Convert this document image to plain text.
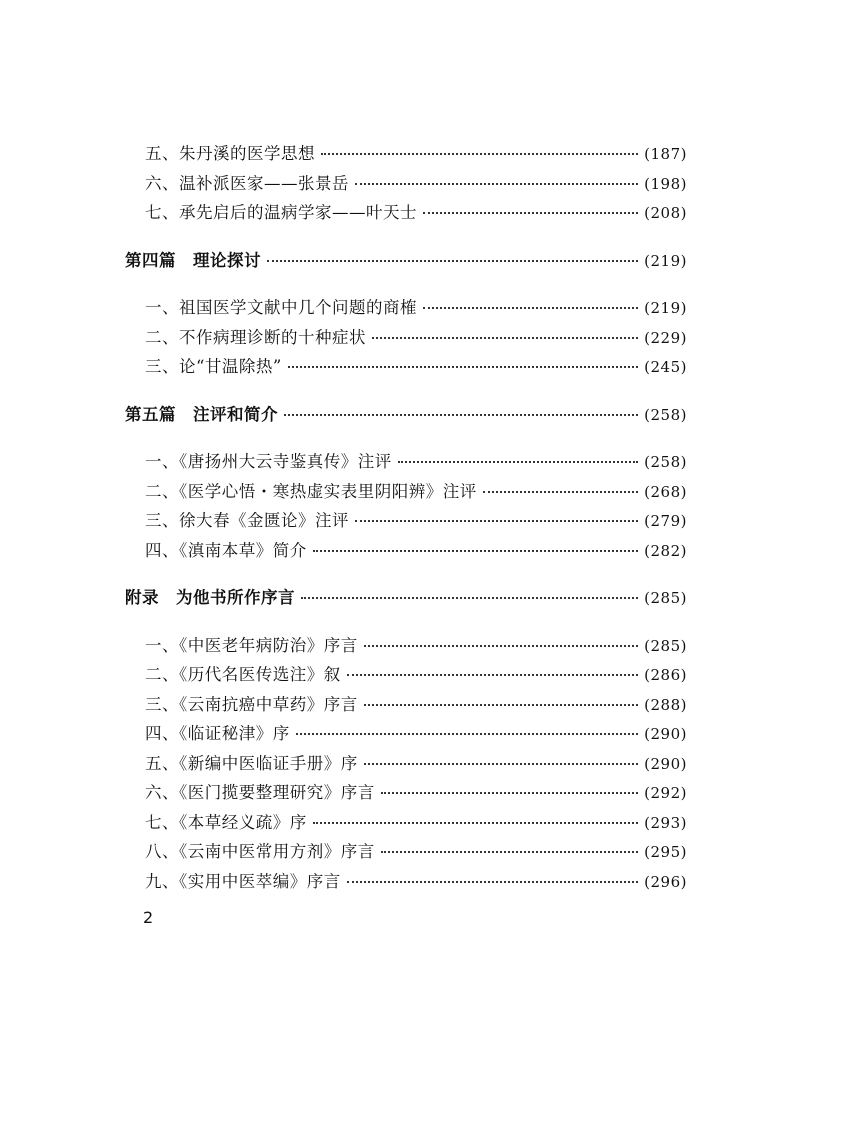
五、朱丹溪的医学思想	(187)
六、温补派医家——张景岳	(198)
七、承先启后的温病学家——叶天士	(208)
第四篇　理论探讨	(219)
一、祖国医学文献中几个问题的商榷	(219)
二、不作病理诊断的十种症状	(229)
三、论“甘温除热”	(245)
第五篇　注评和简介	(258)
一、《唐扬州大云寺鉴真传》注评	(258)
二、《医学心悟・寒热虚实表里阴阳辨》注评	(268)
三、徐大春《金匮论》注评	(279)
四、《滇南本草》简介	(282)
附录　为他书所作序言	(285)
一、《中医老年病防治》序言	(285)
二、《历代名医传选注》叙	(286)
三、《云南抗癌中草药》序言	(288)
四、《临证秘津》序	(290)
五、《新编中医临证手册》序	(290)
六、《医门揽要整理研究》序言	(292)
七、《本草经义疏》序	(293)
八、《云南中医常用方剂》序言	(295)
九、《实用中医萃编》序言	(296)
2
